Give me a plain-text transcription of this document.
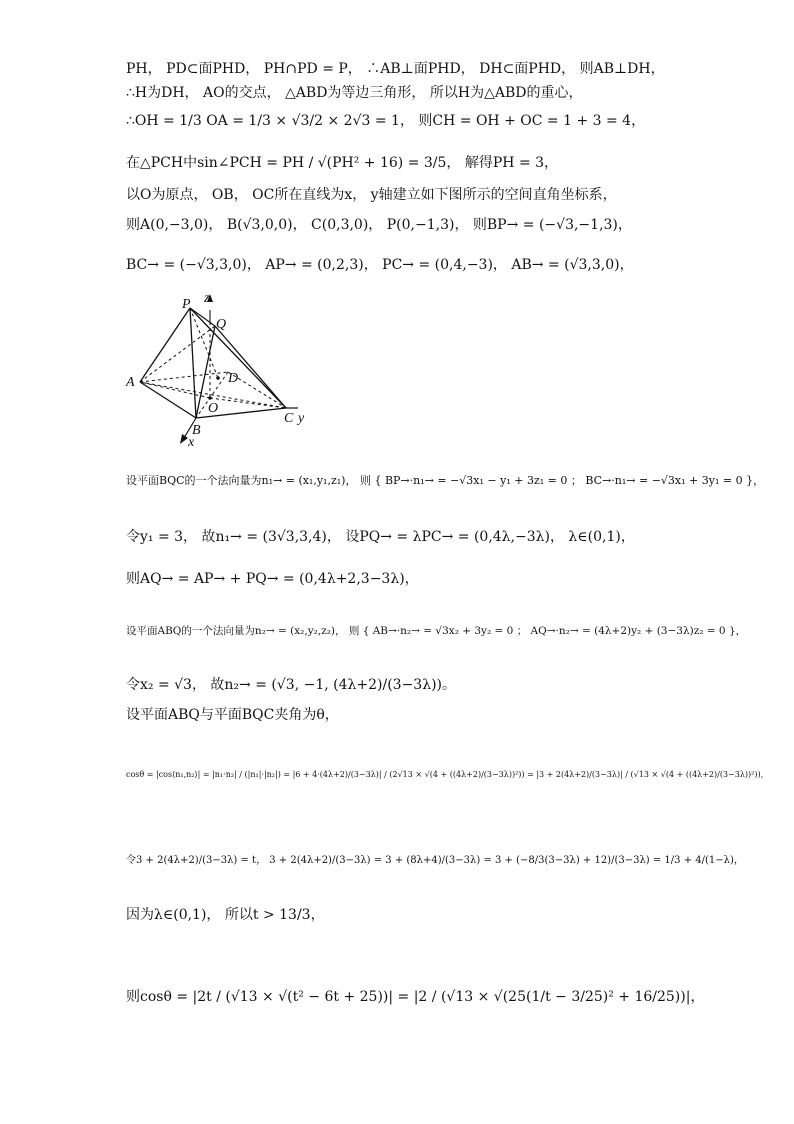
PH， PD⊂面PHD， PH∩PD = P， ∴AB⊥面PHD， DH⊂面PHD， 则AB⊥DH，
∴H为DH， AO的交点， △ABD为等边三角形， 所以H为△ABD的重心，
∴OH = 1/3 OA = 1/3 × √3/2 × 2√3 = 1， 则CH = OH + OC = 1 + 3 = 4，
在△PCH中sin∠PCH = PH / √(PH² + 16) = 3/5， 解得PH = 3，
以O为原点， OB， OC所在直线为x， y轴建立如下图所示的空间直角坐标系，
则A(0,−3,0)， B(√3,0,0)， C(0,3,0)， P(0,−1,3)， 则BP→ = (−√3,−1,3)，
BC→ = (−√3,3,0)， AP→ = (0,2,3)， PC→ = (0,4,−3)， AB→ = (√3,3,0)，
P z
Q
A	D
O
C y
B
x
设平面BQC的一个法向量为n₁→ = (x₁,y₁,z₁)， 则 { BP→·n₁→ = −√3x₁ − y₁ + 3z₁ = 0 ； BC→·n₁→ = −√3x₁ + 3y₁ = 0 }，
令y₁ = 3， 故n₁→ = (3√3,3,4)， 设PQ→ = λPC→ = (0,4λ,−3λ)， λ∈(0,1)，
则AQ→ = AP→ + PQ→ = (0,4λ+2,3−3λ)，
设平面ABQ的一个法向量为n₂→ = (x₂,y₂,z₂)， 则 { AB→·n₂→ = √3x₂ + 3y₂ = 0 ； AQ→·n₂→ = (4λ+2)y₂ + (3−3λ)z₂ = 0 }，
令x₂ = √3， 故n₂→ = (√3, −1, (4λ+2)/(3−3λ))。
设平面ABQ与平面BQC夹角为θ，
cosθ = |cos⟨n₁,n₂⟩| = |n₁·n₂| / (|n₁|·|n₂|) = |6 + 4·(4λ+2)/(3−3λ)| / (2√13 × √(4 + ((4λ+2)/(3−3λ))²)) = |3 + 2(4λ+2)/(3−3λ)| / (√13 × √(4 + ((4λ+2)/(3−3λ))²))，
令3 + 2(4λ+2)/(3−3λ) = t， 3 + 2(4λ+2)/(3−3λ) = 3 + (8λ+4)/(3−3λ) = 3 + (−8/3(3−3λ) + 12)/(3−3λ) = 1/3 + 4/(1−λ)，
因为λ∈(0,1)， 所以t > 13/3，
则cosθ = |2t / (√13 × √(t² − 6t + 25))| = |2 / (√13 × √(25(1/t − 3/25)² + 16/25))|，
